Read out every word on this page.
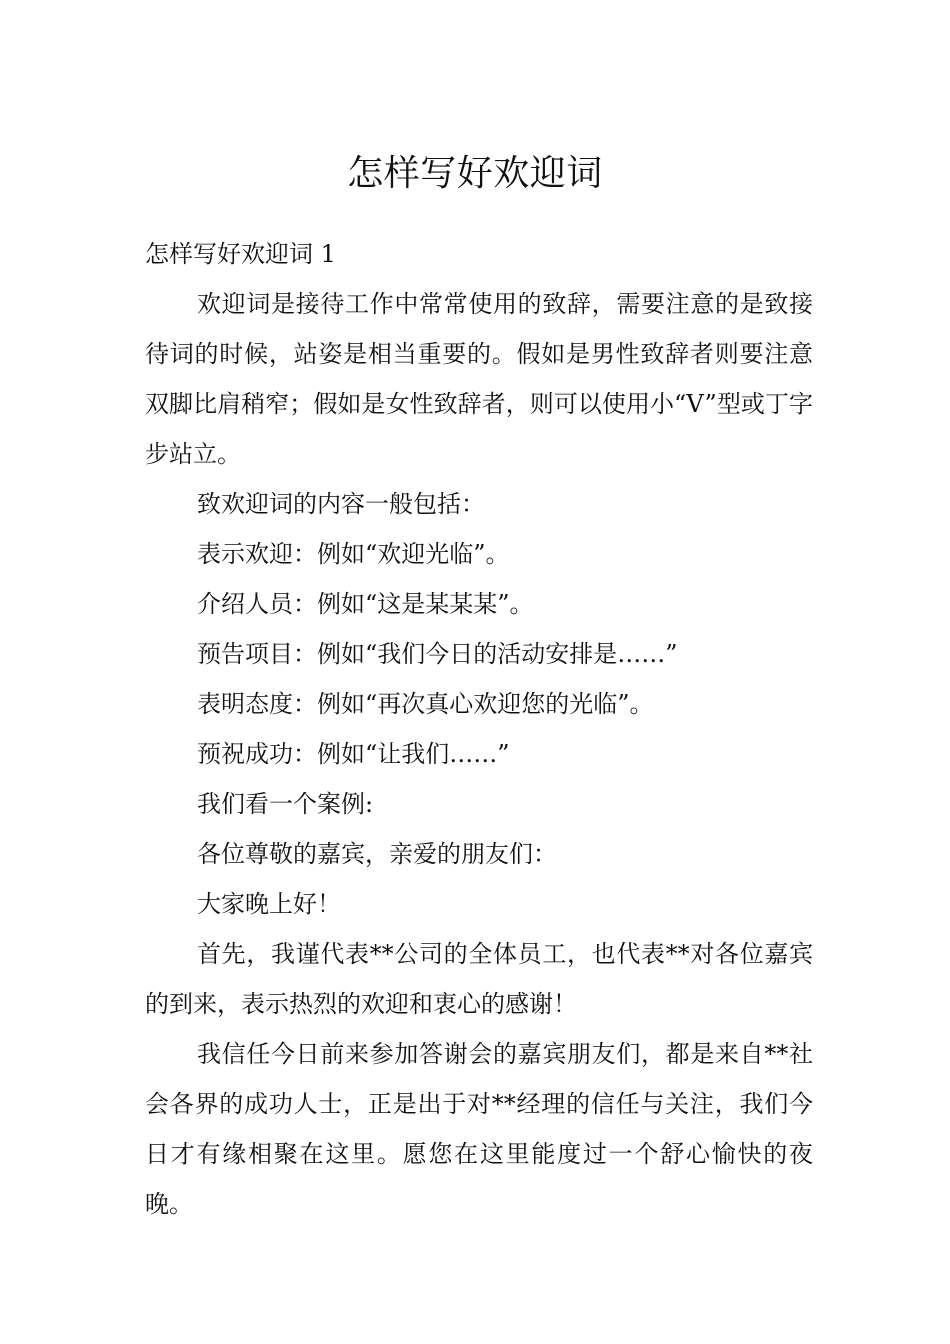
怎样写好欢迎词

怎样写好欢迎词 1

欢迎词是接待工作中常常使用的致辞，需要注意的是致接待词的时候，站姿是相当重要的。假如是男性致辞者则要注意双脚比肩稍窄；假如是女性致辞者，则可以使用小“V”型或丁字步站立。

致欢迎词的内容一般包括：

表示欢迎：例如“欢迎光临”。

介绍人员：例如“这是某某某”。

预告项目：例如“我们今日的活动安排是……”

表明态度：例如“再次真心欢迎您的光临”。

预祝成功：例如“让我们……”

我们看一个案例:

各位尊敬的嘉宾，亲爱的朋友们：

大家晚上好！

首先，我谨代表**公司的全体员工，也代表**对各位嘉宾的到来，表示热烈的欢迎和衷心的感谢！

我信任今日前来参加答谢会的嘉宾朋友们，都是来自**社会各界的成功人士，正是出于对**经理的信任与关注，我们今日才有缘相聚在这里。愿您在这里能度过一个舒心愉快的夜晚。
